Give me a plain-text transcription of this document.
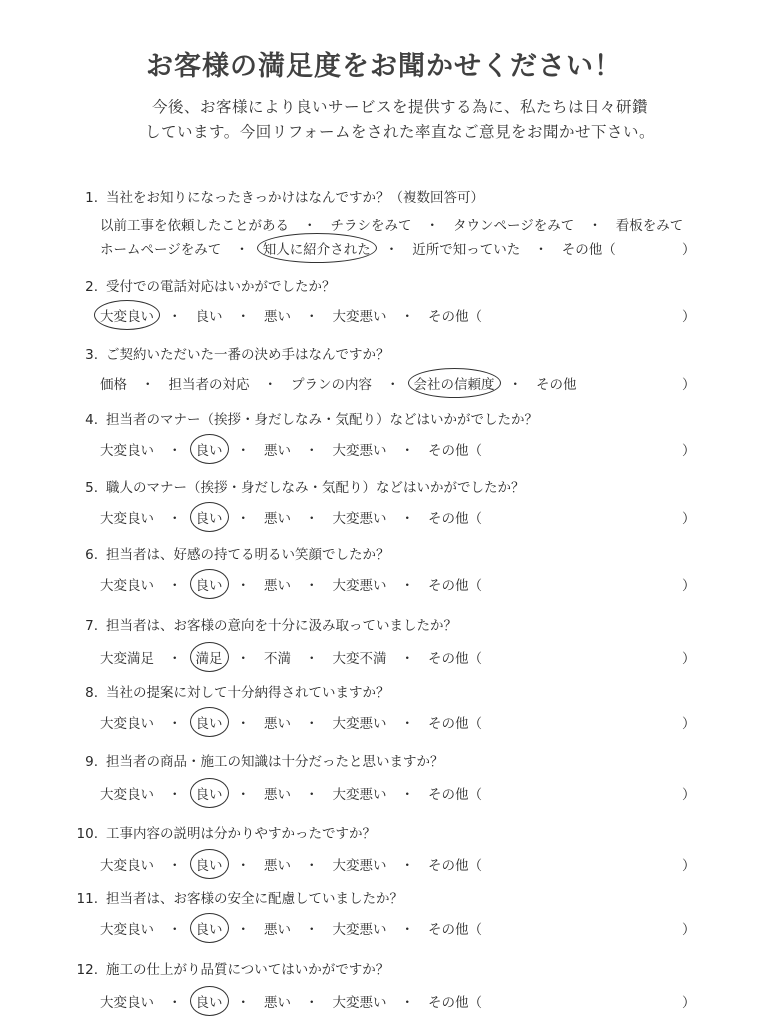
お客様の満足度をお聞かせください！
今後、お客様により良いサービスを提供する為に、私たちは日々研鑽
しています。今回リフォームをされた率直なご意見をお聞かせ下さい。
1. 当社をお知りになったきっかけはなんですか？（複数回答可）
以前工事を依頼したことがある ・ チラシをみて ・ タウンページをみて ・ 看板をみて
ホームページをみて ・ 知人に紹介された ・ 近所で知っていた ・ その他（	）
2. 受付での電話対応はいかがでしたか？
大変良い ・ 良い ・ 悪い ・ 大変悪い ・ その他（	）
3. ご契約いただいた一番の決め手はなんですか？
価格 ・ 担当者の対応 ・ プランの内容 ・ 会社の信頼度 ・ その他	）
4. 担当者のマナー（挨拶・身だしなみ・気配り）などはいかがでしたか？
大変良い ・ 良い ・ 悪い ・ 大変悪い ・ その他（	）
5. 職人のマナー（挨拶・身だしなみ・気配り）などはいかがでしたか？
大変良い ・ 良い ・ 悪い ・ 大変悪い ・ その他（	）
6. 担当者は、好感の持てる明るい笑顔でしたか？
大変良い ・ 良い ・ 悪い ・ 大変悪い ・ その他（	）
7. 担当者は、お客様の意向を十分に汲み取っていましたか？
大変満足 ・ 満足 ・ 不満 ・ 大変不満 ・ その他（	）
8. 当社の提案に対して十分納得されていますか？
大変良い ・ 良い ・ 悪い ・ 大変悪い ・ その他（	）
9. 担当者の商品・施工の知識は十分だったと思いますか？
大変良い ・ 良い ・ 悪い ・ 大変悪い ・ その他（	）
10. 工事内容の説明は分かりやすかったですか？
大変良い ・ 良い ・ 悪い ・ 大変悪い ・ その他（	）
11. 担当者は、お客様の安全に配慮していましたか？
大変良い ・ 良い ・ 悪い ・ 大変悪い ・ その他（	）
12. 施工の仕上がり品質についてはいかがですか？
大変良い ・ 良い ・ 悪い ・ 大変悪い ・ その他（	）
